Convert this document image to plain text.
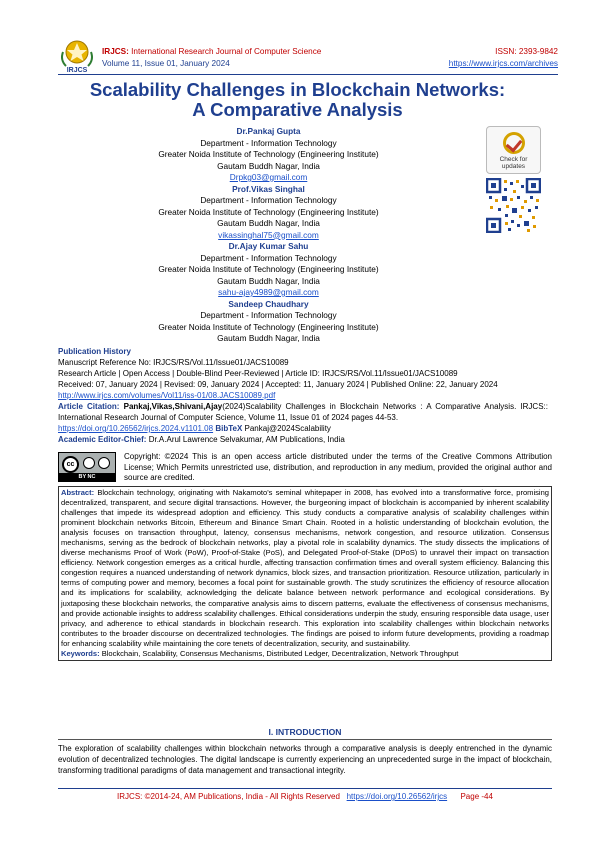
IRJCS
IRJCS: International Research Journal of Computer Science
Volume 11, Issue 01, January 2024
ISSN: 2393-9842
https://www.irjcs.com/archives
Scalability Challenges in Blockchain Networks:
A Comparative Analysis
Dr.Pankaj Gupta
Department - Information Technology
Greater Noida Institute of Technology (Engineering Institute)
Gautam Buddh Nagar, India
Drpkg03@gmail.com
Prof.Vikas Singhal
Department - Information Technology
Greater Noida Institute of Technology (Engineering Institute)
Gautam Buddh Nagar, India
vikassinghal75@gmail.com
Dr.Ajay Kumar Sahu
Department - Information Technology
Greater Noida Institute of Technology (Engineering Institute)
Gautam Buddh Nagar, India
sahu-ajay4989@gmail.com
Sandeep Chaudhary
Department - Information Technology
Greater Noida Institute of Technology (Engineering Institute)
Gautam Buddh Nagar, India
Check for
updates
Publication History
Manuscript Reference No: IRJCS/RS/Vol.11/Issue01/JACS10089
Research Article | Open Access | Double-Blind Peer-Reviewed | Article ID: IRJCS/RS/Vol.11/Issue01/JACS10089
Received: 07, January 2024 | Revised: 09, January 2024 | Accepted: 11, January 2024 | Published Online: 22, January 2024
http://www.irjcs.com/volumes/Vol11/iss-01/08.JACS10089.pdf
Article Citation: Pankaj,Vikas,Shivani,Ajay(2024)Scalability Challenges in Blockchain Networks : A Comparative Analysis. IRJCS:: International Research Journal of Computer Science, Volume 11, Issue 01 of 2024 pages 44-53.
https://doi.org/10.26562/irjcs.2024.v1101.08 BibTeX Pankaj@2024Scalability
Academic Editor-Chief: Dr.A.Arul Lawrence Selvakumar, AM Publications, India
cc
BY NC
Copyright: ©2024 This is an open access article distributed under the terms of the Creative Commons Attribution License; Which Permits unrestricted use, distribution, and reproduction in any medium, provided the original author and source are credited.
Abstract: Blockchain technology, originating with Nakamoto's seminal whitepaper in 2008, has evolved into a transformative force, promising decentralized, transparent, and secure digital transactions. However, the burgeoning impact of blockchain is accompanied by inherent scalability challenges that impede its widespread adoption and efficiency. This study conducts a comparative analysis of scalability challenges within prominent blockchain networks Bitcoin, Ethereum and Binance Smart Chain. Rooted in a holistic understanding of blockchain evolution, the analysis focuses on transaction throughput, latency, consensus mechanisms, network congestion, and resource utilization. Consensus mechanisms, serving as the bedrock of blockchain networks, play a pivotal role in scalability dynamics. The study dissects the implications of diverse mechanisms Proof of Work (PoW), Proof-of-Stake (PoS), and Delegated Proof-of-Stake (DPoS) to unravel their impact on transaction efficiency. Network congestion emerges as a critical hurdle, affecting transaction confirmation times and overall system efficiency. Balancing this congestion requires a nuanced understanding of network dynamics, block sizes, and transaction prioritization. Resource utilization, particularly in terms of computing power and memory, becomes a focal point for sustainable growth. The study scrutinizes the efficiency of resource allocation and its implications for scalability, acknowledging the delicate balance between network performance and ecological considerations. By juxtaposing these blockchain networks, the comparative analysis aims to discern patterns, evaluate the effectiveness of consensus mechanisms, and provide actionable insights to address scalability challenges. Ethical considerations underpin the study, ensuring responsible data usage, user privacy, and adherence to ethical standards in blockchain research. This exploration into scalability challenges within blockchain networks contributes to the broader discourse on decentralized technologies. The findings are poised to inform future developments, providing a roadmap for enhancing scalability while maintaining the core tenets of decentralization, security, and sustainability.
Keywords: Blockchain, Scalability, Consensus Mechanisms, Distributed Ledger, Decentralization, Network Throughput
I. INTRODUCTION
The exploration of scalability challenges within blockchain networks through a comparative analysis is deeply entrenched in the dynamic evolution of decentralized technologies. The digital landscape is currently experiencing an unprecedented surge in the impact of blockchain, transforming traditional paradigms of data management and transactional integrity.
IRJCS: ©2014-24, AM Publications, India - All Rights Reserved https://doi.org/10.26562/irjcs Page -44
